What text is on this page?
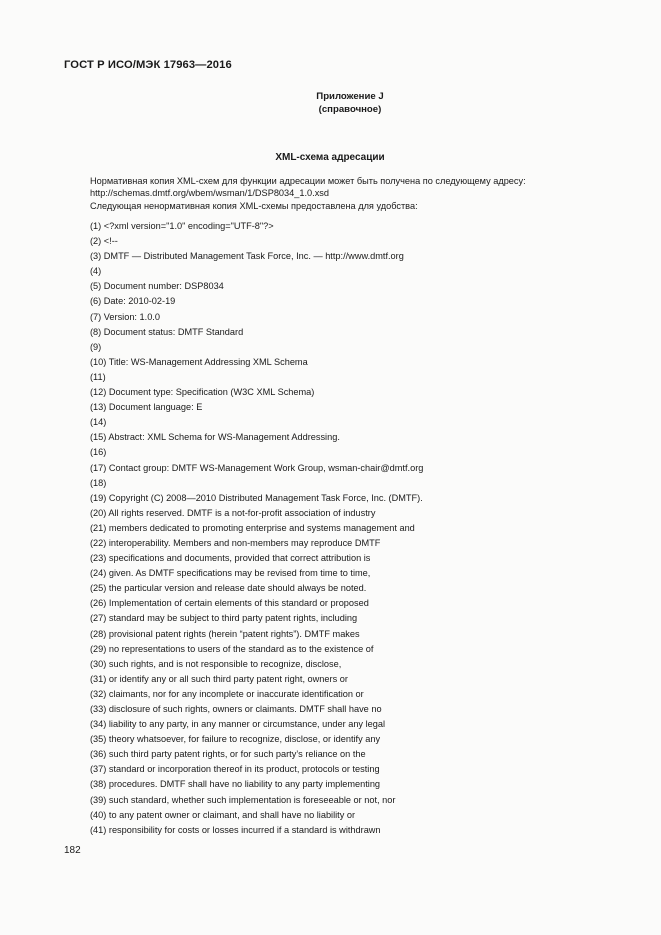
ГОСТ Р ИСО/МЭК 17963—2016
Приложение J
(справочное)
XML-схема адресации
Нормативная копия XML-схем для функции адресации может быть получена по следующему адресу:
http://schemas.dmtf.org/wbem/wsman/1/DSP8034_1.0.xsd
Следующая ненормативная копия XML-схемы предоставлена для удобства:
(1) <?xml version="1.0" encoding="UTF-8"?>
(2) <!--
(3) DMTF — Distributed Management Task Force, Inc. — http://www.dmtf.org
(4)
(5) Document number: DSP8034
(6) Date: 2010-02-19
(7) Version: 1.0.0
(8) Document status: DMTF Standard
(9)
(10) Title: WS-Management Addressing XML Schema
(11)
(12) Document type: Specification (W3C XML Schema)
(13) Document language: E
(14)
(15) Abstract: XML Schema for WS-Management Addressing.
(16)
(17) Contact group: DMTF WS-Management Work Group, wsman-chair@dmtf.org
(18)
(19) Copyright (C) 2008—2010 Distributed Management Task Force, Inc. (DMTF).
(20) All rights reserved. DMTF is a not-for-profit association of industry
(21) members dedicated to promoting enterprise and systems management and
(22) interoperability. Members and non-members may reproduce DMTF
(23) specifications and documents, provided that correct attribution is
(24) given. As DMTF specifications may be revised from time to time,
(25) the particular version and release date should always be noted.
(26) Implementation of certain elements of this standard or proposed
(27) standard may be subject to third party patent rights, including
(28) provisional patent rights (herein “patent rights”). DMTF makes
(29) no representations to users of the standard as to the existence of
(30) such rights, and is not responsible to recognize, disclose,
(31) or identify any or all such third party patent right, owners or
(32) claimants, nor for any incomplete or inaccurate identification or
(33) disclosure of such rights, owners or claimants. DMTF shall have no
(34) liability to any party, in any manner or circumstance, under any legal
(35) theory whatsoever, for failure to recognize, disclose, or identify any
(36) such third party patent rights, or for such party’s reliance on the
(37) standard or incorporation thereof in its product, protocols or testing
(38) procedures. DMTF shall have no liability to any party implementing
(39) such standard, whether such implementation is foreseeable or not, nor
(40) to any patent owner or claimant, and shall have no liability or
(41) responsibility for costs or losses incurred if a standard is withdrawn
182
